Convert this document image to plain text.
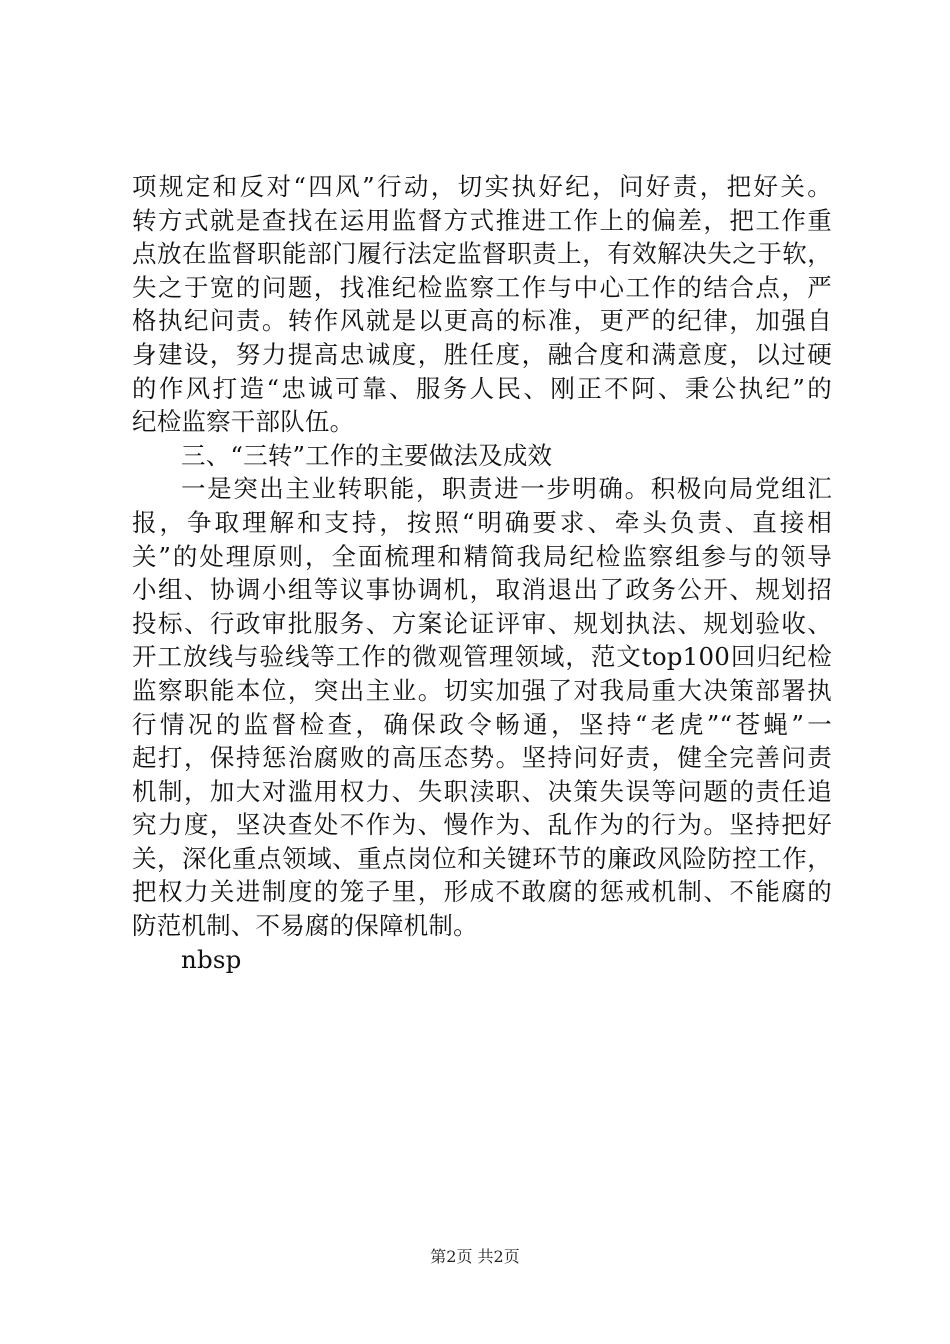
项规定和反对“四风”行动，切实执好纪，问好责，把好关。
转方式就是查找在运用监督方式推进工作上的偏差，把工作重
点放在监督职能部门履行法定监督职责上，有效解决失之于软，
失之于宽的问题，找准纪检监察工作与中心工作的结合点，严
格执纪问责。转作风就是以更高的标准，更严的纪律，加强自
身建设，努力提高忠诚度，胜任度，融合度和满意度，以过硬
的作风打造“忠诚可靠、服务人民、刚正不阿、秉公执纪”的
纪检监察干部队伍。
三、“三转”工作的主要做法及成效
一是突出主业转职能，职责进一步明确。积极向局党组汇
报，争取理解和支持，按照“明确要求、牵头负责、直接相
关”的处理原则，全面梳理和精简我局纪检监察组参与的领导
小组、协调小组等议事协调机，取消退出了政务公开、规划招
投标、行政审批服务、方案论证评审、规划执法、规划验收、
开工放线与验线等工作的微观管理领域，范文top100回归纪检
监察职能本位，突出主业。切实加强了对我局重大决策部署执
行情况的监督检查，确保政令畅通，坚持“老虎”“苍蝇”一
起打，保持惩治腐败的高压态势。坚持问好责，健全完善问责
机制，加大对滥用权力、失职渎职、决策失误等问题的责任追
究力度，坚决查处不作为、慢作为、乱作为的行为。坚持把好
关，深化重点领域、重点岗位和关键环节的廉政风险防控工作，
把权力关进制度的笼子里，形成不敢腐的惩戒机制、不能腐的
防范机制、不易腐的保障机制。
nbsp
第2页 共2页
